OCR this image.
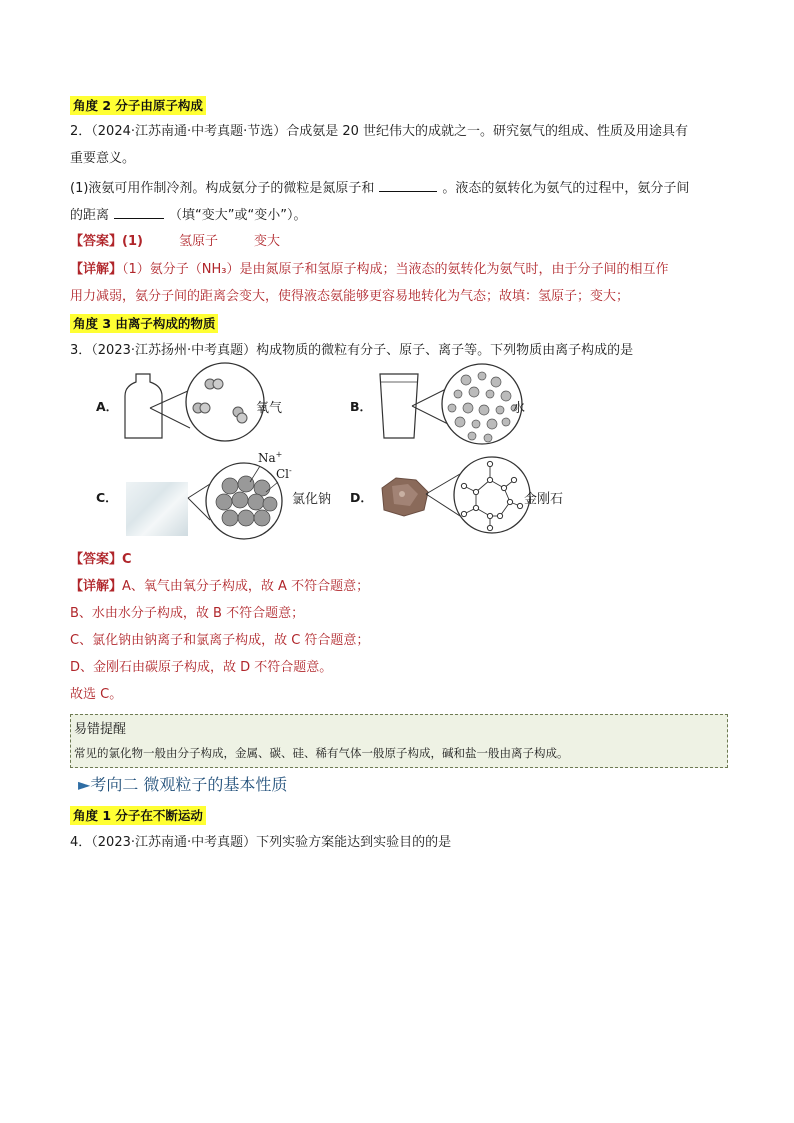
角度 2 分子由原子构成
2．（2024·江苏南通·中考真题·节选）合成氨是 20 世纪伟大的成就之一。研究氨气的组成、性质及用途具有
重要意义。
(1)液氨可用作制冷剂。构成氨分子的微粒是氮原子和	。液态的氨转化为氨气的过程中，氨分子间
的距离	（填“变大”或“变小”）。
【答案】(1)	氢原子	变大
【详解】（1）氨分子（NH₃）是由氮原子和氢原子构成；当液态的氨转化为氨气时，由于分子间的相互作
用力减弱，氨分子间的距离会变大，使得液态氨能够更容易地转化为气态；故填：氢原子；变大；
角度 3 由离子构成的物质
3．（2023·江苏扬州·中考真题）构成物质的微粒有分子、原子、离子等。下列物质由离子构成的是
A．	氧气	B．	水
C．
Na+
Cl-
氯化钠 D．	金刚石
【答案】C
【详解】A、氧气由氧分子构成，故 A 不符合题意；
B、水由水分子构成，故 B 不符合题意；
C、氯化钠由钠离子和氯离子构成，故 C 符合题意；
D、金刚石由碳原子构成，故 D 不符合题意。
故选 C。
易错提醒
常见的氯化物一般由分子构成，金属、碳、硅、稀有气体一般原子构成，碱和盐一般由离子构成。
►考向二 微观粒子的基本性质
角度 1 分子在不断运动
4．（2023·江苏南通·中考真题）下列实验方案能达到实验目的的是
